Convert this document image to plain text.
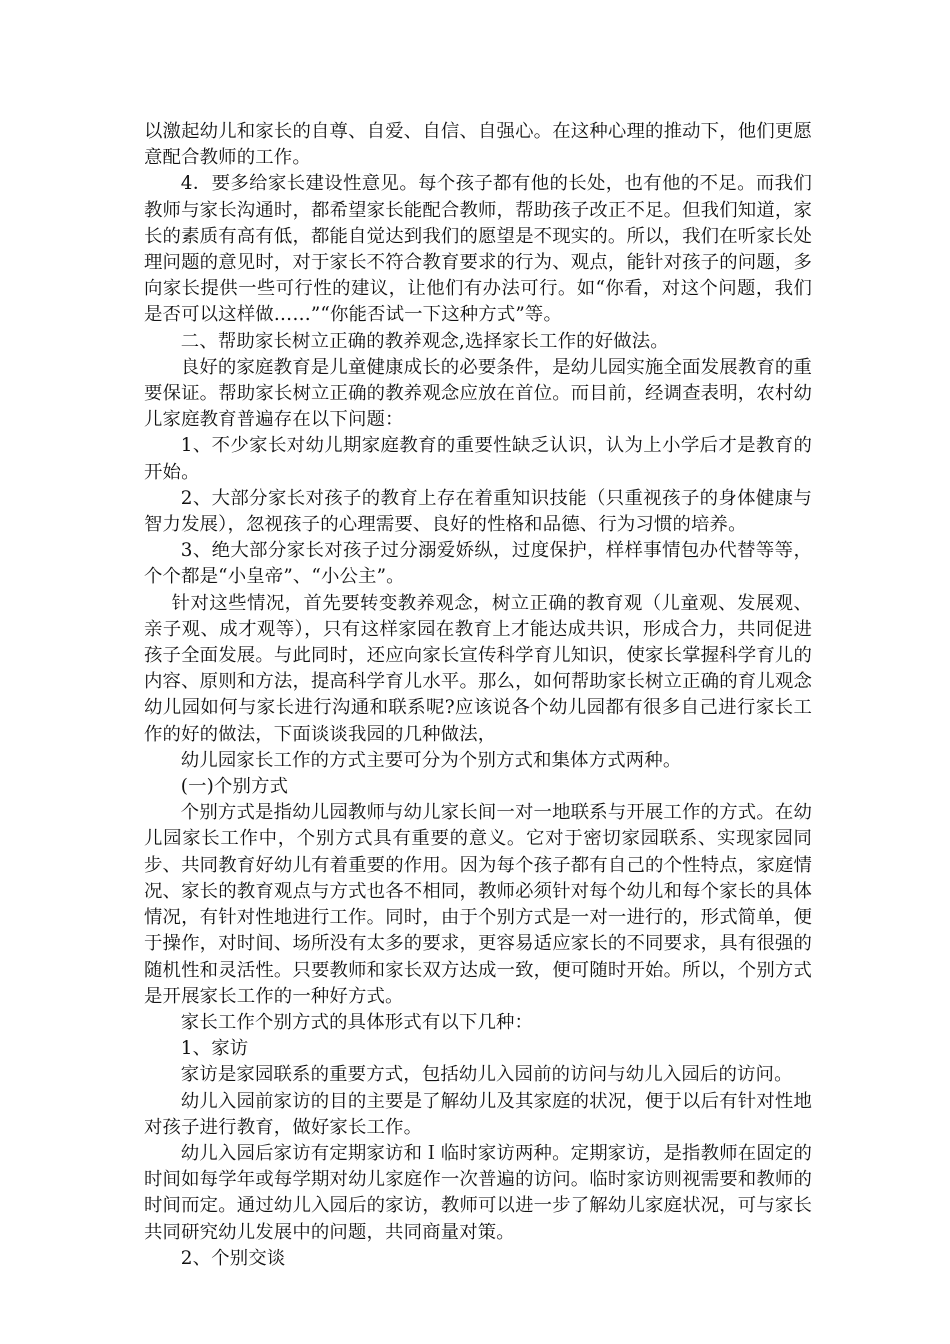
以激起幼儿和家长的自尊、自爱、自信、自强心。在这种心理的推动下，他们更愿意配合教师的工作。

4．要多给家长建设性意见。每个孩子都有他的长处，也有他的不足。而我们教师与家长沟通时，都希望家长能配合教师，帮助孩子改正不足。但我们知道，家长的素质有高有低，都能自觉达到我们的愿望是不现实的。所以，我们在听家长处理问题的意见时，对于家长不符合教育要求的行为、观点，能针对孩子的问题，多向家长提供一些可行性的建议，让他们有办法可行。如“你看，对这个问题，我们是否可以这样做……”“你能否试一下这种方式”等。

二、帮助家长树立正确的教养观念,选择家长工作的好做法。

良好的家庭教育是儿童健康成长的必要条件，是幼儿园实施全面发展教育的重要保证。帮助家长树立正确的教养观念应放在首位。而目前，经调查表明，农村幼儿家庭教育普遍存在以下问题：

1、不少家长对幼儿期家庭教育的重要性缺乏认识，认为上小学后才是教育的开始。

2、大部分家长对孩子的教育上存在着重知识技能（只重视孩子的身体健康与智力发展），忽视孩子的心理需要、良好的性格和品德、行为习惯的培养。

3、绝大部分家长对孩子过分溺爱娇纵，过度保护，样样事情包办代替等等，个个都是“小皇帝”、“小公主”。

针对这些情况，首先要转变教养观念，树立正确的教育观（儿童观、发展观、亲子观、成才观等），只有这样家园在教育上才能达成共识，形成合力，共同促进孩子全面发展。与此同时，还应向家长宣传科学育儿知识，使家长掌握科学育儿的内容、原则和方法，提高科学育儿水平。那么，如何帮助家长树立正确的育儿观念幼儿园如何与家长进行沟通和联系呢?应该说各个幼儿园都有很多自己进行家长工作的好的做法，下面谈谈我园的几种做法，

幼儿园家长工作的方式主要可分为个别方式和集体方式两种。

(一)个别方式

个别方式是指幼儿园教师与幼儿家长间一对一地联系与开展工作的方式。在幼儿园家长工作中，个别方式具有重要的意义。它对于密切家园联系、实现家园同步、共同教育好幼儿有着重要的作用。因为每个孩子都有自己的个性特点，家庭情况、家长的教育观点与方式也各不相同，教师必须针对每个幼儿和每个家长的具体情况，有针对性地进行工作。同时，由于个别方式是一对一进行的，形式简单，便于操作，对时间、场所没有太多的要求，更容易适应家长的不同要求，具有很强的随机性和灵活性。只要教师和家长双方达成一致，便可随时开始。所以，个别方式是开展家长工作的一种好方式。

家长工作个别方式的具体形式有以下几种：

1、家访

家访是家园联系的重要方式，包括幼儿入园前的访问与幼儿入园后的访问。

幼儿入园前家访的目的主要是了解幼儿及其家庭的状况，便于以后有针对性地对孩子进行教育，做好家长工作。

幼儿入园后家访有定期家访和Ｉ临时家访两种。定期家访，是指教师在固定的时间如每学年或每学期对幼儿家庭作一次普遍的访问。临时家访则视需要和教师的时间而定。通过幼儿入园后的家访，教师可以进一步了解幼儿家庭状况，可与家长共同研究幼儿发展中的问题，共同商量对策。

2、个别交谈
